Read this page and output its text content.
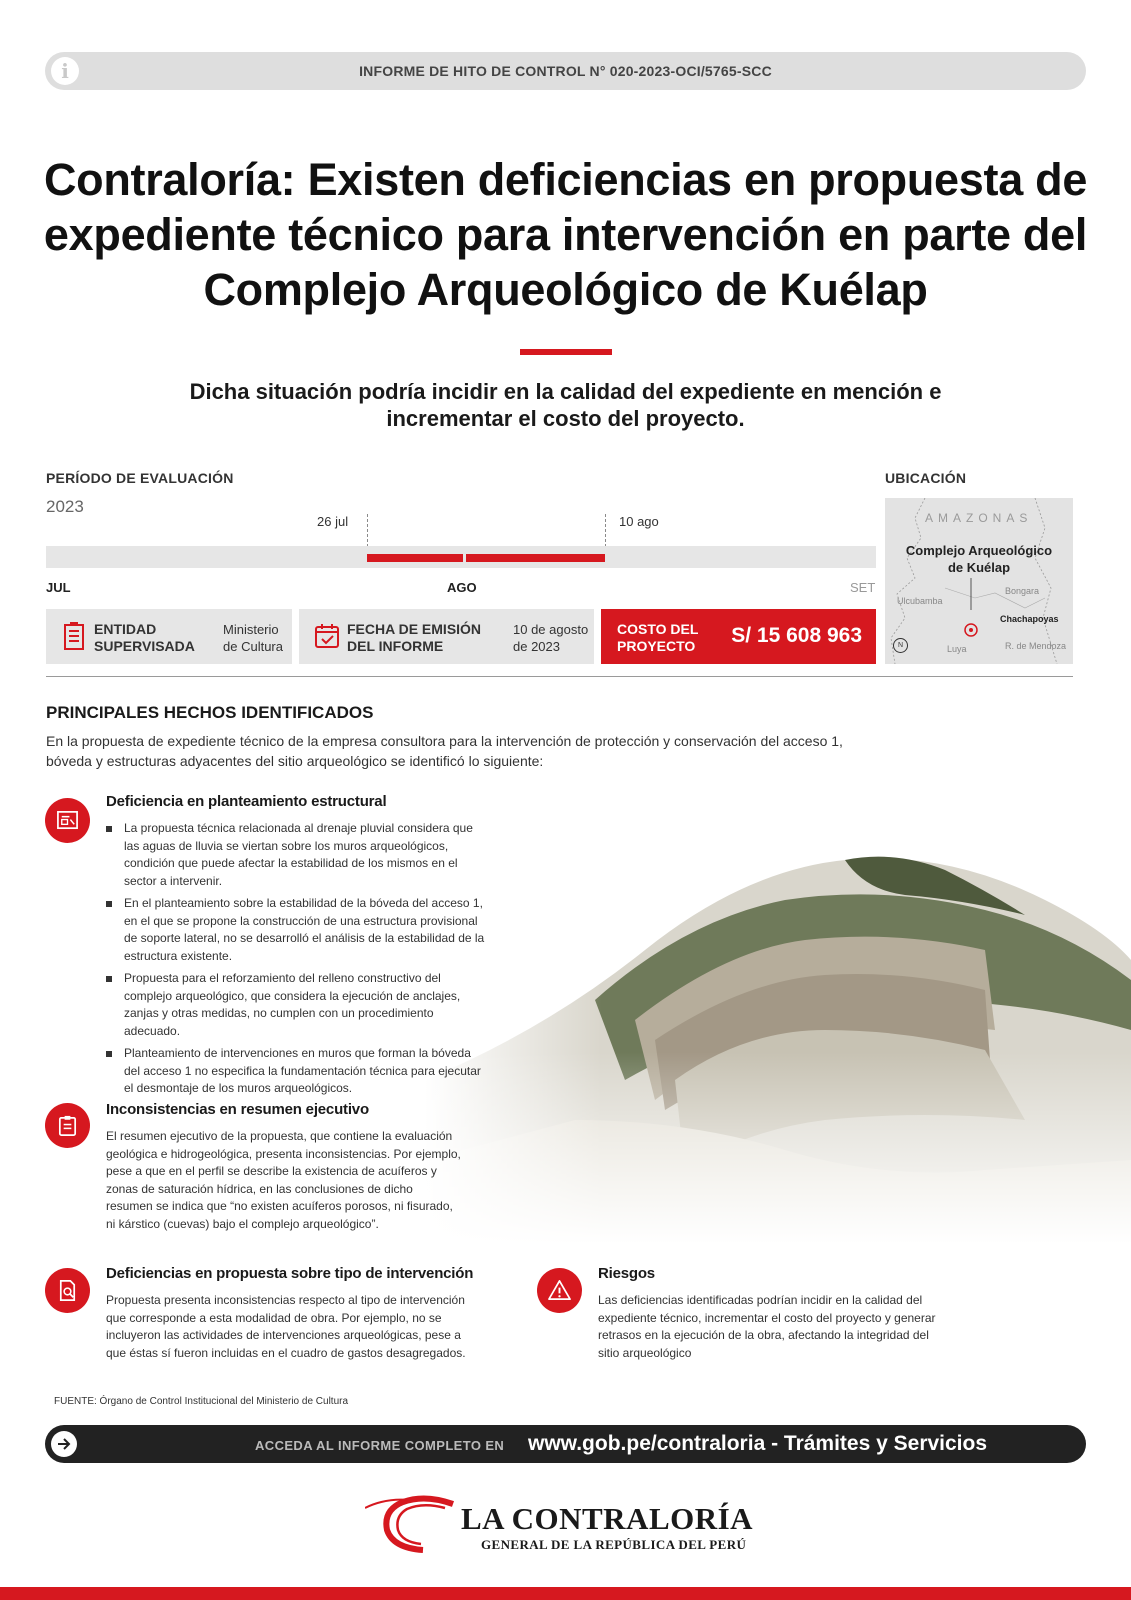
i	INFORME DE HITO DE CONTROL N° 020-2023-OCI/5765-SCC
Contraloría: Existen deficiencias en propuesta de expediente técnico para intervención en parte del Complejo Arqueológico de Kuélap

Dicha situación podría incidir en la calidad del expediente en mención e incrementar el costo del proyecto.

PERÍODO DE EVALUACIÓN
2023
26 jul	10 ago
JUL	AGO	SET
ENTIDAD SUPERVISADA
Ministerio de Cultura
FECHA DE EMISIÓN DEL INFORME
10 de agosto de 2023
COSTO DEL PROYECTO	S/ 15 608 963
UBICACIÓN
AMAZONAS
Complejo Arqueológico de Kuélap
Ulcubamba
Bongara
Chachapoyas
Luya	R. de Mendoza
N
PRINCIPALES HECHOS IDENTIFICADOS

En la propuesta de expediente técnico de la empresa consultora para la intervención de protección y conservación del acceso 1, bóveda y estructuras adyacentes del sitio arqueológico se identificó lo siguiente:

Deficiencia en planteamiento estructural
La propuesta técnica relacionada al drenaje pluvial considera que las aguas de lluvia se viertan sobre los muros arqueológicos, condición que puede afectar la estabilidad de los mismos en el sector a intervenir.
En el planteamiento sobre la estabilidad de la bóveda del acceso 1, en el que se propone la construcción de una estructura provisional de soporte lateral, no se desarrolló el análisis de la estabilidad de la estructura existente.
Propuesta para el reforzamiento del relleno constructivo del complejo arqueológico, que considera la ejecución de anclajes, zanjas y otras medidas, no cumplen con un procedimiento adecuado.
Planteamiento de intervenciones en muros que forman la bóveda del acceso 1 no especifica la fundamentación técnica para ejecutar el desmontaje de los muros arqueológicos.
Inconsistencias en resumen ejecutivo

El resumen ejecutivo de la propuesta, que contiene la evaluación geológica e hidrogeológica, presenta inconsistencias. Por ejemplo, pese a que en el perfil se describe la existencia de acuíferos y zonas de saturación hídrica, en las conclusiones de dicho resumen se indica que “no existen acuíferos porosos, ni fisurado, ni kárstico (cuevas) bajo el complejo arqueológico”.

Deficiencias en propuesta sobre tipo de intervención

Propuesta presenta inconsistencias respecto al tipo de intervención que corresponde a esta modalidad de obra. Por ejemplo, no se incluyeron las actividades de intervenciones arqueológicas, pese a que éstas sí fueron incluidas en el cuadro de gastos desagregados.

Riesgos

Las deficiencias identificadas podrían incidir en la calidad del expediente técnico, incrementar el costo del proyecto y generar retrasos en la ejecución de la obra, afectando la integridad del sitio arqueológico

FUENTE: Órgano de Control Institucional del Ministerio de Cultura
ACCEDA AL INFORME COMPLETO EN www.gob.pe/contraloria - Trámites y Servicios
LA CONTRALORÍA
GENERAL DE LA REPÚBLICA DEL PERÚ
